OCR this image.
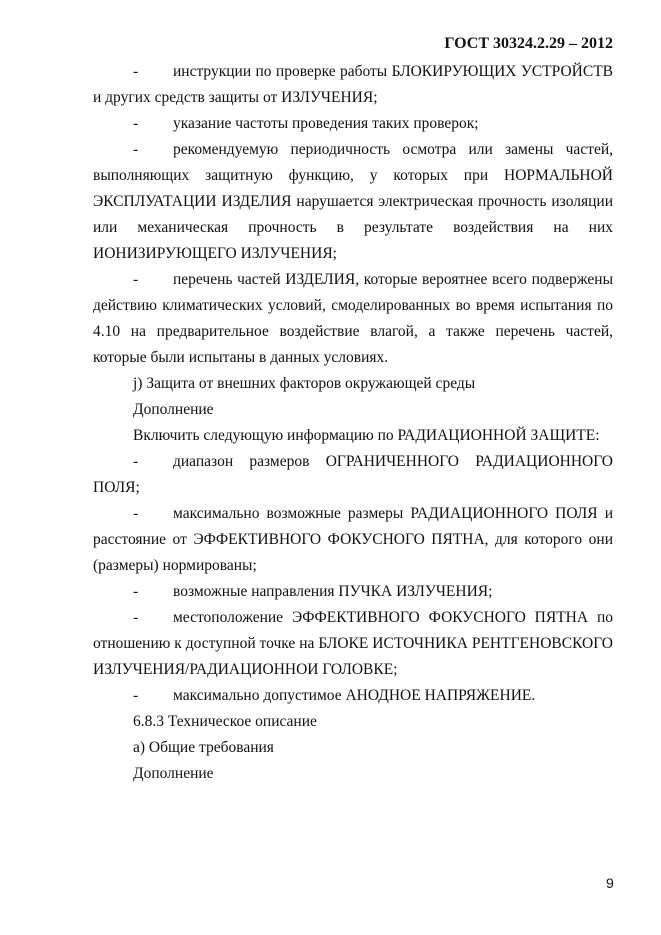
ГОСТ 30324.2.29 – 2012
- инструкции по проверке работы БЛОКИРУЮЩИХ УСТРОЙСТВ и других средств защиты от ИЗЛУЧЕНИЯ;
- указание частоты проведения таких проверок;
- рекомендуемую периодичность осмотра или замены частей, выполняющих защитную функцию, у которых при НОРМАЛЬНОЙ ЭКСПЛУАТАЦИИ ИЗДЕЛИЯ нарушается электрическая прочность изоляции или механическая прочность в результате воздействия на них ИОНИЗИРУЮЩЕГО ИЗЛУЧЕНИЯ;
- перечень частей ИЗДЕЛИЯ, которые вероятнее всего подвержены действию климатических условий, смоделированных во время испытания по 4.10 на предварительное воздействие влагой, а также перечень частей, которые были испытаны в данных условиях.
j) Защита от внешних факторов окружающей среды
Дополнение
Включить следующую информацию по РАДИАЦИОННОЙ ЗАЩИТЕ:
- диапазон размеров ОГРАНИЧЕННОГО РАДИАЦИОННОГО ПОЛЯ;
- максимально возможные размеры РАДИАЦИОННОГО ПОЛЯ и расстояние от ЭФФЕКТИВНОГО ФОКУСНОГО ПЯТНА, для которого они (размеры) нормированы;
- возможные направления ПУЧКА ИЗЛУЧЕНИЯ;
- местоположение ЭФФЕКТИВНОГО ФОКУСНОГО ПЯТНА по отношению к доступной точке на БЛОКЕ ИСТОЧНИКА РЕНТГЕНОВСКОГО ИЗЛУЧЕНИЯ/РАДИАЦИОННОИ ГОЛОВКЕ;
- максимально допустимое АНОДНОЕ НАПРЯЖЕНИЕ.
6.8.3 Техническое описание
а) Общие требования
Дополнение
9
